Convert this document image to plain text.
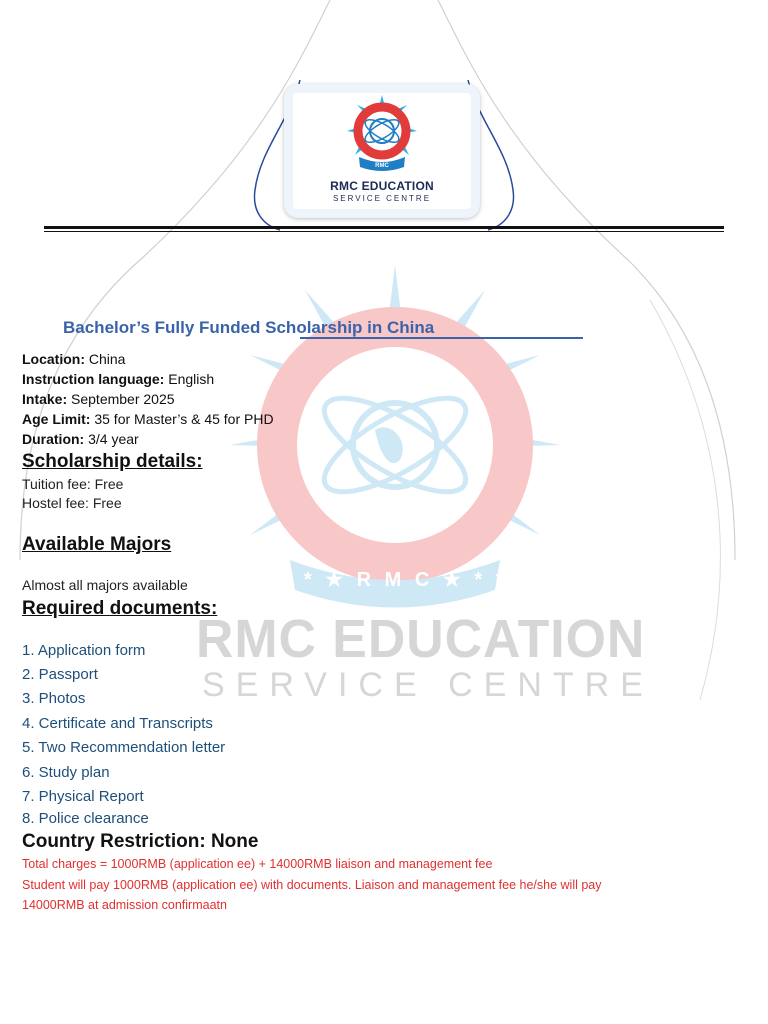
* * ★ R M C ★ * *
RMC EDUCATION
SERVICE CENTRE
RMC
RMC EDUCATION
SERVICE CENTRE
Bachelor’s Fully Funded Scholarship in China
Location: China
Instruction language: English
Intake: September 2025
Age Limit: 35 for Master’s & 45 for PHD
Duration: 3/4 year
Scholarship details:
Tuition fee: Free
Hostel fee: Free
Available Majors
Almost all majors available
Required documents:
1. Application form
2. Passport
3. Photos
4. Certificate and Transcripts
5. Two Recommendation letter
6. Study plan
7. Physical Report
8. Police clearance
Country Restriction: None
Total charges = 1000RMB (application ee) + 14000RMB liaison and management fee
Student will pay 1000RMB (application ee) with documents. Liaison and management fee he/she will pay
14000RMB at admission confirmaatn
